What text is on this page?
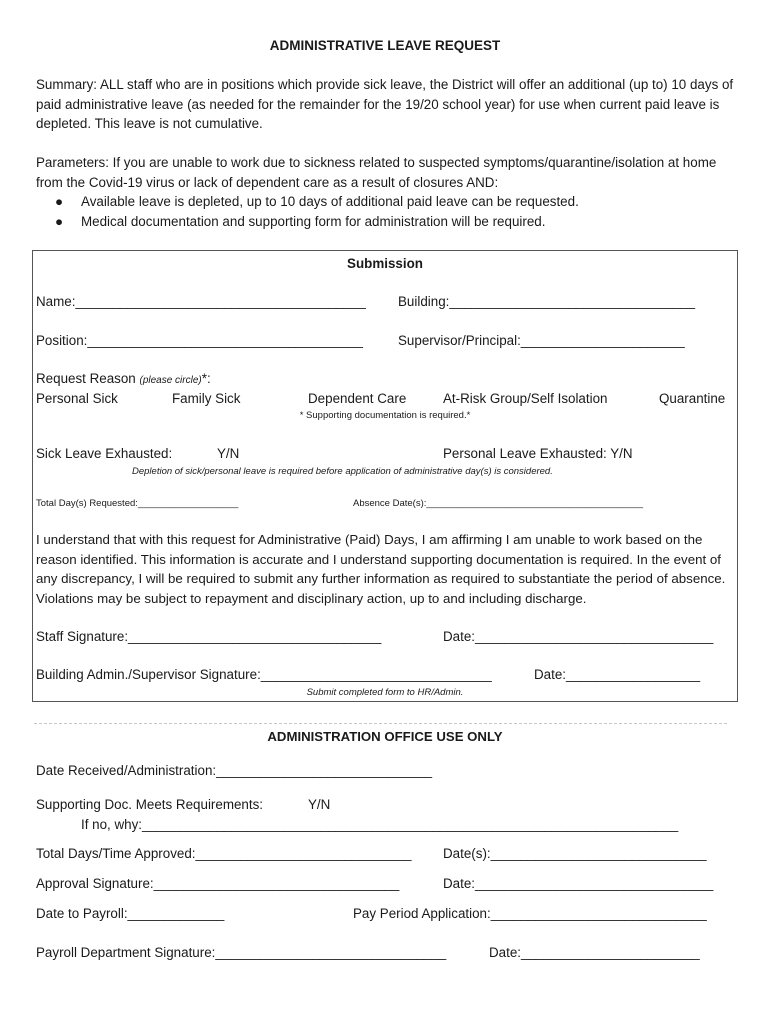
ADMINISTRATIVE LEAVE REQUEST
Summary: ALL staff who are in positions which provide sick leave, the District will offer an additional (up to) 10 days of paid administrative leave (as needed for the remainder for the 19/20 school year) for use when current paid leave is depleted. This leave is not cumulative.
Parameters: If you are unable to work due to sickness related to suspected symptoms/quarantine/isolation at home from the Covid-19 virus or lack of dependent care as a result of closures AND:
● Available leave is depleted, up to 10 days of additional paid leave can be requested.
● Medical documentation and supporting form for administration will be required.
Submission
Name:_______________________________________ Building:_________________________________
Position:_____________________________________	Supervisor/Principal:______________________
Request Reason (please circle)*:
Personal Sick	Family Sick	Dependent Care	At-Risk Group/Self Isolation	Quarantine
* Supporting documentation is required.*
Sick Leave Exhausted:	Y/N	Personal Leave Exhausted: Y/N
Depletion of sick/personal leave is required before application of administrative day(s) is considered.
Total Day(s) Requested:___________________	Absence Date(s):_________________________________________
I understand that with this request for Administrative (Paid) Days, I am affirming I am unable to work based on the reason identified. This information is accurate and I understand supporting documentation is required. In the event of any discrepancy, I will be required to submit any further information as required to substantiate the period of absence. Violations may be subject to repayment and disciplinary action, up to and including discharge.
Staff Signature:__________________________________	Date:________________________________
Building Admin./Supervisor Signature:_______________________________	Date:__________________
Submit completed form to HR/Admin.
ADMINISTRATION OFFICE USE ONLY
Date Received/Administration:_____________________________
Supporting Doc. Meets Requirements:	Y/N
If no, why:________________________________________________________________________
Total Days/Time Approved:_____________________________ Date(s):_____________________________
Approval Signature:_________________________________	Date:________________________________
Date to Payroll:_____________	Pay Period Application:_____________________________
Payroll Department Signature:_______________________________	Date:________________________
